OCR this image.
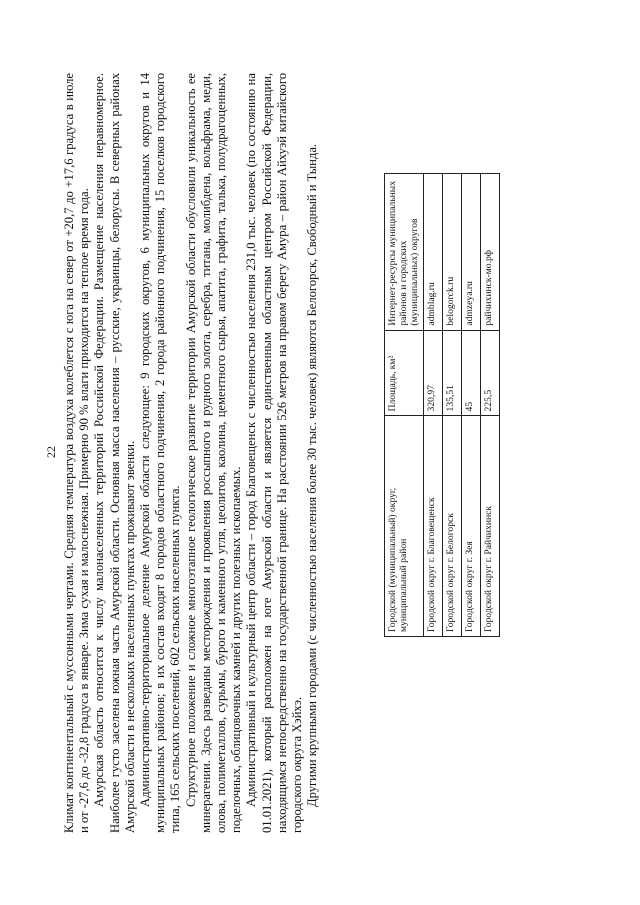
22 Климат континентальный с муссонными чертами. Средняя температура воздуха колеблется с юга на север от +20,7 до +17,6 градуса в июле и от -27,6 до -32,8 градуса в январе. Зима сухая и малоснежная. Примерно 90 % влаги приходится на теплое время года. Амурская область относится к числу малонаселенных территорий Российской Федерации. Размещение населения неравномерное. Наиболее густо заселена южная часть Амурской области. Основная масса населения – русские, украинцы, белорусы. В северных районах Амурской области в нескольких населенных пунктах проживают эвенки. Административно-территориальное деление Амурской области следующее: 9 городских округов, 6 муниципальных округов и 14 муниципальных районов; в их состав входят 8 городов областного подчинения, 2 города районного подчинения, 15 поселков городского типа, 165 сельских поселений, 602 сельских населенных пункта. Структурное положение и сложное многоэтапное геологическое развитие территории Амурской области обусловили уникальность ее минерагении. Здесь разведаны месторождения и проявления россыпного и рудного золота, серебра, титана, молибдена, вольфрама, меди, олова, полиметаллов, сурьмы, бурого и каменного угля, цеолитов, каолина, цементного сырья, апатита, графита, талька, полудрагоценных, поделочных, облицовочных камней и других полезных ископаемых. Административный и культурный центр области – город Благовещенск с численностью населения 231,0 тыс. человек (по состоянию на 01.01.2021), который расположен на юге Амурской области и является единственным областным центром Российской Федерации, находящимся непосредственно на государственной границе. На расстоянии 526 метров на правом берегу Амура – район Айхуэй китайского городского округа Хэйхэ. Другими крупными городами (с численностью населения более 30 тыс. человек) являются Белогорск, Свободный и Тында.	Городской (муниципальный) округ, муниципальный район	Площадь, км²	Интернет-ресурсы муниципальных районов и городских (муниципальных) округов
Городской округ г. Благовещенск	320,97	admblag.ru
Городской округ г. Белогорск	135,51	belogorck.ru
Городской округ г. Зея	45	admzeya.ru
Городской округ г. Райчихинск	225,5	райчихинск-мо.рф
